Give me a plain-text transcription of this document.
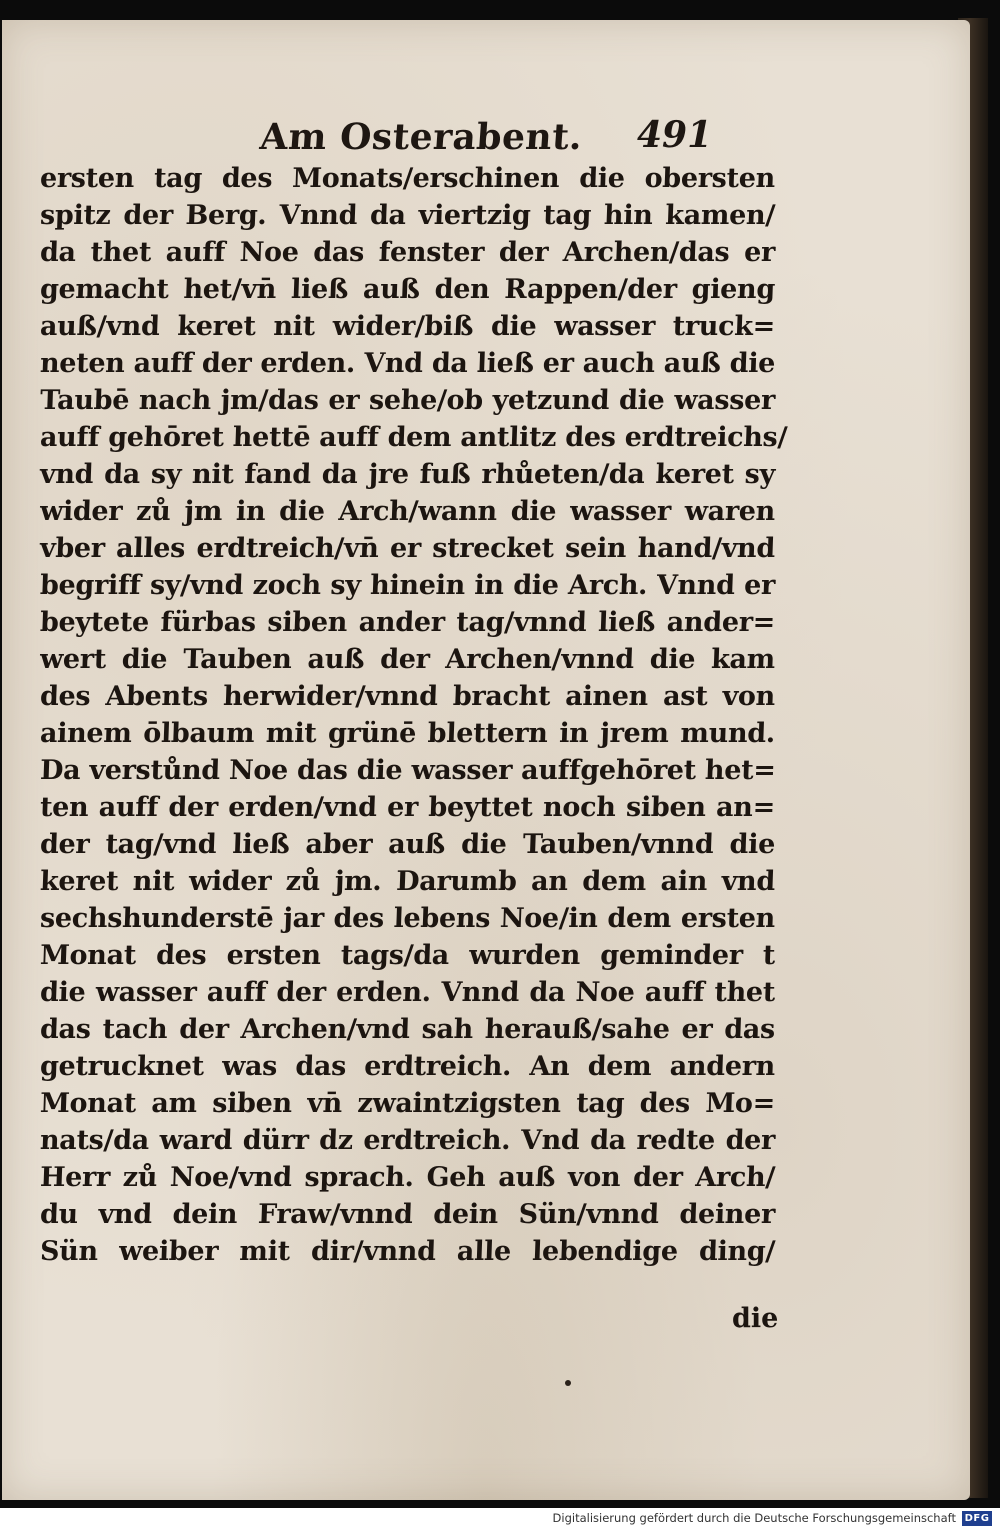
Am Osterabent. 491
ersten tag des Monats/erschinen die obersten
spitz der Berg. Vnnd da viertzig tag hin kamen/
da thet auff Noe das fenster der Archen/das er
gemacht het/vn̄ ließ auß den Rappen/der gieng
auß/vnd keret nit wider/biß die wasser truck=
neten auff der erden. Vnd da ließ er auch auß die
Taubē nach jm/das er sehe/ob yetzund die wasser
auff gehōret hettē auff dem antlitz des erdtreichs/
vnd da sy nit fand da jre fuß rhůeten/da keret sy
wider zů jm in die Arch/wann die wasser waren
vber alles erdtreich/vn̄ er strecket sein hand/vnd
begriff sy/vnd zoch sy hinein in die Arch. Vnnd er
beytete fürbas siben ander tag/vnnd ließ ander=
wert die Tauben auß der Archen/vnnd die kam
des Abents herwider/vnnd bracht ainen ast von
ainem ōlbaum mit grünē blettern in jrem mund.
Da verstůnd Noe das die wasser auffgehōret het=
ten auff der erden/vnd er beyttet noch siben an=
der tag/vnd ließ aber auß die Tauben/vnnd die
keret nit wider zů jm. Darumb an dem ain vnd
sechshunderstē jar des lebens Noe/in dem ersten
Monat des ersten tags/da wurden geminder t
die wasser auff der erden. Vnnd da Noe auff thet
das tach der Archen/vnd sah herauß/sahe er das
getrucknet was das erdtreich. An dem andern
Monat am siben vn̄ zwaintzigsten tag des Mo=
nats/da ward dürr dz erdtreich. Vnd da redte der
Herr zů Noe/vnd sprach. Geh auß von der Arch/
du vnd dein Fraw/vnnd dein Sün/vnnd deiner
Sün weiber mit dir/vnnd alle lebendige ding/
die
Digitalisierung gefördert durch die Deutsche Forschungsgemeinschaft DFG
